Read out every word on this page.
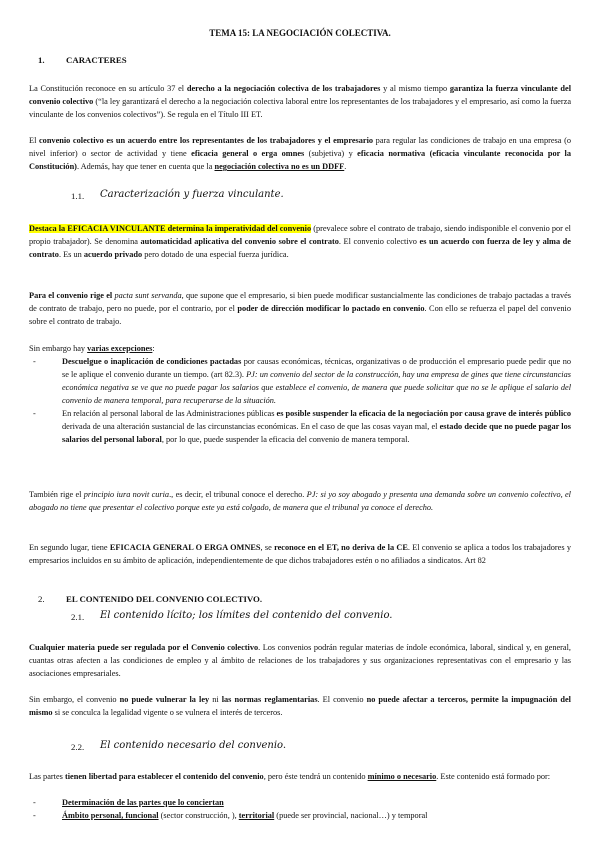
TEMA 15: LA NEGOCIACIÓN COLECTIVA.
1. CARACTERES

La Constitución reconoce en su artículo 37 el derecho a la negociación colectiva de los trabajadores y al mismo tiempo garantiza la fuerza vinculante del convenio colectivo (“la ley garantizará el derecho a la negociación colectiva laboral entre los representantes de los trabajadores y el empresario, así como la fuerza vinculante de los convenios colectivos”). Se regula en el Título III ET.

El convenio colectivo es un acuerdo entre los representantes de los trabajadores y el empresario para regular las condiciones de trabajo en una empresa (o nivel inferior) o sector de actividad y tiene eficacia general o erga omnes (subjetiva) y eficacia normativa (eficacia vinculante reconocida por la Constitución). Además, hay que tener en cuenta que la negociación colectiva no es un DDFF.

1.1. Caracterización y fuerza vinculante.

Destaca la EFICACIA VINCULANTE determina la imperatividad del convenio (prevalece sobre el contrato de trabajo, siendo indisponible el convenio por el propio trabajador). Se denomina automaticidad aplicativa del convenio sobre el contrato. El convenio colectivo es un acuerdo con fuerza de ley y alma de contrato. Es un acuerdo privado pero dotado de una especial fuerza jurídica.

Para el convenio rige el pacta sunt servanda, que supone que el empresario, si bien puede modificar sustancialmente las condiciones de trabajo pactadas a través de contrato de trabajo, pero no puede, por el contrario, por el poder de dirección modificar lo pactado en convenio. Con ello se refuerza el papel del convenio sobre el contrato de trabajo.

Sin embargo hay varias excepciones:

- Descuelgue o inaplicación de condiciones pactadas por causas económicas, técnicas, organizativas o de producción el empresario puede pedir que no se le aplique el convenio durante un tiempo. (art 82.3). PJ: un convenio del sector de la construcción, hay una empresa de gines que tiene circunstancias económica negativa se ve que no puede pagar los salarios que establece el convenio, de manera que puede solicitar que no se le aplique el salario del convenio de manera temporal, para recuperarse de la situación.
- En relación al personal laboral de las Administraciones públicas es posible suspender la eficacia de la negociación por causa grave de interés público derivada de una alteración sustancial de las circunstancias económicas. En el caso de que las cosas vayan mal, el estado decide que no puede pagar los salarios del personal laboral, por lo que, puede suspender la eficacia del convenio de manera temporal.

También rige el principio iura novit curia., es decir, el tribunal conoce el derecho. PJ: si yo soy abogado y presenta una demanda sobre un convenio colectivo, el abogado no tiene que presentar el colectivo porque este ya está colgado, de manera que el tribunal ya conoce el derecho.

En segundo lugar, tiene EFICACIA GENERAL O ERGA OMNES, se reconoce en el ET, no deriva de la CE. El convenio se aplica a todos los trabajadores y empresarios incluidos en su ámbito de aplicación, independientemente de que dichos trabajadores estén o no afiliados a sindicatos. Art 82

2. EL CONTENIDO DEL CONVENIO COLECTIVO.
2.1. El contenido lícito; los límites del contenido del convenio.

Cualquier materia puede ser regulada por el Convenio colectivo. Los convenios podrán regular materias de índole económica, laboral, sindical y, en general, cuantas otras afecten a las condiciones de empleo y al ámbito de relaciones de los trabajadores y sus organizaciones representativas con el empresario y las asociaciones empresariales.

Sin embargo, el convenio no puede vulnerar la ley ni las normas reglamentarias. El convenio no puede afectar a terceros, permite la impugnación del mismo si se conculca la legalidad vigente o se vulnera el interés de terceros.

2.2. El contenido necesario del convenio.

Las partes tienen libertad para establecer el contenido del convenio, pero éste tendrá un contenido mínimo o necesario. Este contenido está formado por:

- Determinación de las partes que lo conciertan
- Ámbito personal, funcional (sector construcción, ), territorial (puede ser provincial, nacional…) y temporal
